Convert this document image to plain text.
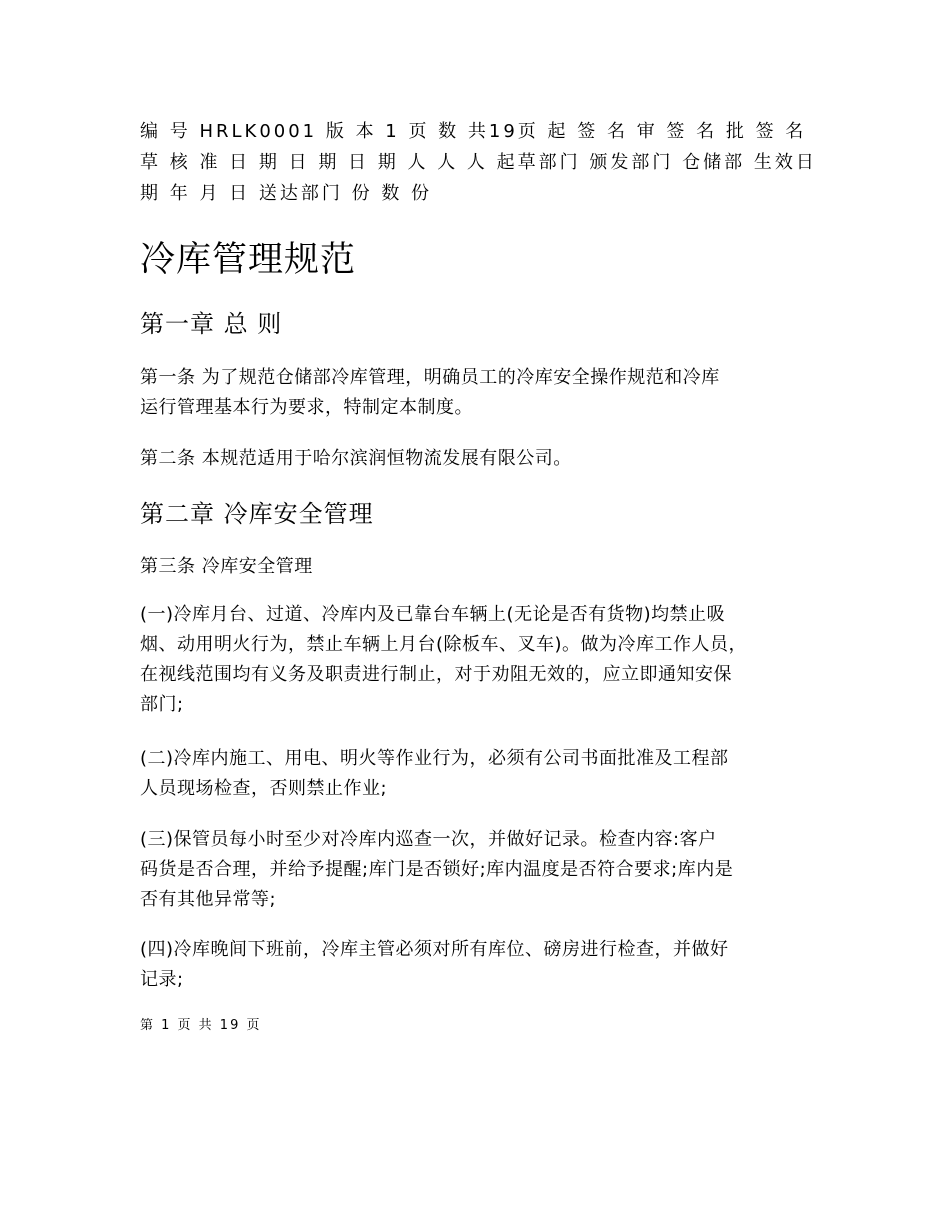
编 号 HRLK0001 版 本 1 页 数 共19页 起 签 名 审 签 名 批 签 名
草 核 准 日 期 日 期 日 期 人 人 人 起草部门 颁发部门 仓储部 生效日
期 年 月 日 送达部门 份 数 份
冷库管理规范
第一章 总 则
第一条 为了规范仓储部冷库管理，明确员工的冷库安全操作规范和冷库
运行管理基本行为要求，特制定本制度。
第二条 本规范适用于哈尔滨润恒物流发展有限公司。
第二章 冷库安全管理
第三条 冷库安全管理
(一)冷库月台、过道、冷库内及已靠台车辆上(无论是否有货物)均禁止吸
烟、动用明火行为，禁止车辆上月台(除板车、叉车)。做为冷库工作人员，
在视线范围均有义务及职责进行制止，对于劝阻无效的，应立即通知安保
部门;
(二)冷库内施工、用电、明火等作业行为，必须有公司书面批准及工程部
人员现场检查，否则禁止作业;
(三)保管员每小时至少对冷库内巡查一次，并做好记录。检查内容:客户
码货是否合理，并给予提醒;库门是否锁好;库内温度是否符合要求;库内是
否有其他异常等;
(四)冷库晚间下班前，冷库主管必须对所有库位、磅房进行检查，并做好
记录;
第 1 页 共 19 页
